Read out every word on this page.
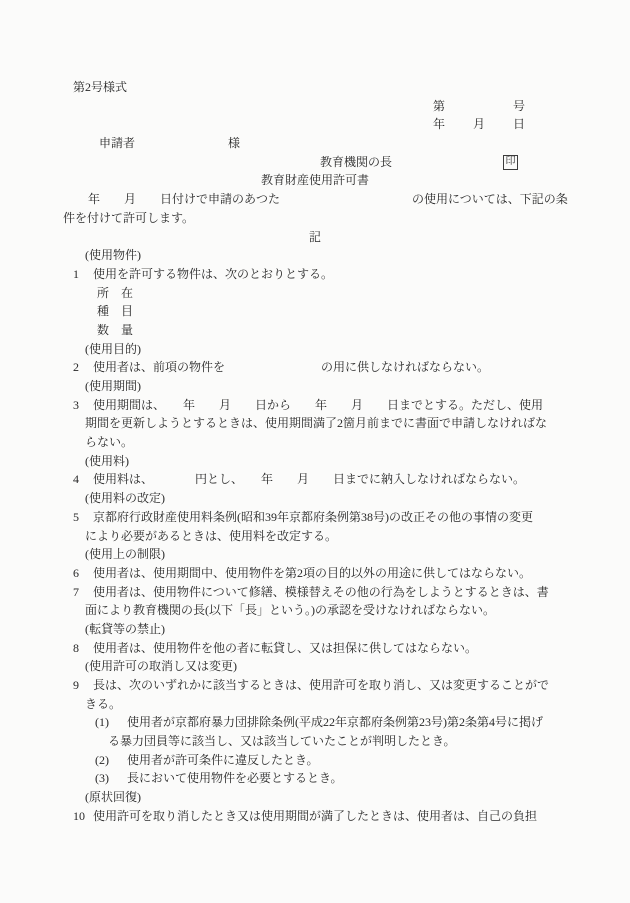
第2号様式

第

	号

年

月

日

申請者

	様

教育機関の長

	印

教育財産使用許可書
年　　月　　日付けで申請のあつた　　　　　　　　　　　の使用については、下記の条
件を付けて許可します。
記
(使用物件)
1 使用を許可する物件は、次のとおりとする。
所　在
種　目
数　量
(使用目的)
2 使用者は、前項の物件を　　　　　　　　の用に供しなければならない。
(使用期間)
3 使用期間は、　　年　　月　　日から　　年　　月　　日までとする。ただし、使用
期間を更新しようとするときは、使用期間満了2箇月前までに書面で申請しなければな
らない。
(使用料)
4 使用料は、　　　　円とし、　　年　　月　　日までに納入しなければならない。
(使用料の改定)
5 京都府行政財産使用料条例(昭和39年京都府条例第38号)の改正その他の事情の変更
により必要があるときは、使用料を改定する。
(使用上の制限)
6 使用者は、使用期間中、使用物件を第2項の目的以外の用途に供してはならない。
7 使用者は、使用物件について修繕、模様替えその他の行為をしようとするときは、書
面により教育機関の長(以下「長」という。)の承認を受けなければならない。
(転貸等の禁止)
8 使用者は、使用物件を他の者に転貸し、又は担保に供してはならない。
(使用許可の取消し又は変更)
9 長は、次のいずれかに該当するときは、使用許可を取り消し、又は変更することがで
きる。
(1) 使用者が京都府暴力団排除条例(平成22年京都府条例第23号)第2条第4号に掲げ
る暴力団員等に該当し、又は該当していたことが判明したとき。
(2) 使用者が許可条件に違反したとき。
(3) 長において使用物件を必要とするとき。
(原状回復)
10 使用許可を取り消したとき又は使用期間が満了したときは、使用者は、自己の負担
